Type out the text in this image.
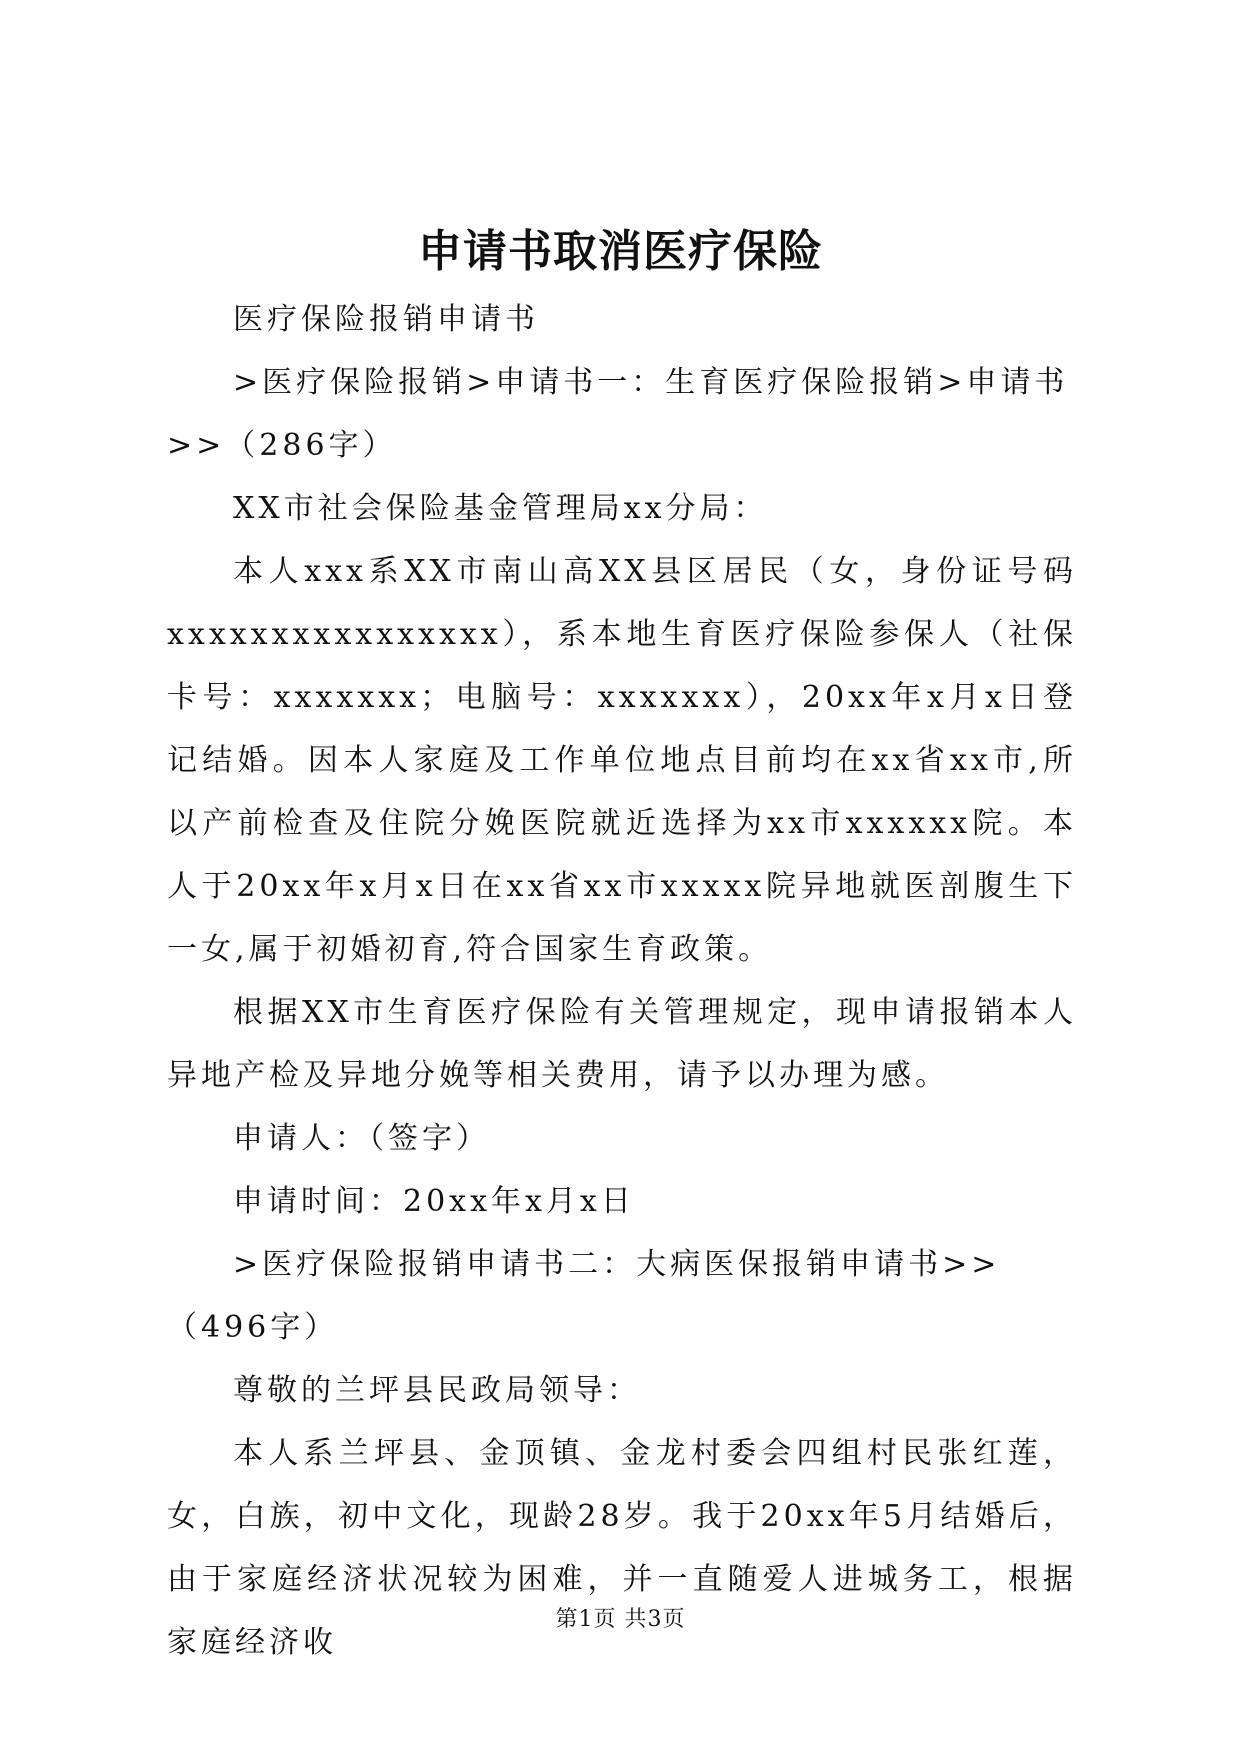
申请书取消医疗保险

医疗保险报销申请书

>医疗保险报销>申请书一：生育医疗保险报销>申请书>>（286字）

XX市社会保险基金管理局xx分局：

本人xxx系XX市南山高XX县区居民（女，身份证号码xxxxxxxxxxxxxxxx），系本地生育医疗保险参保人（社保卡号：xxxxxxx；电脑号：xxxxxxx），20xx年x月x日登记结婚。因本人家庭及工作单位地点目前均在xx省xx市,所以产前检查及住院分娩医院就近选择为xx市xxxxxx院。本人于20xx年x月x日在xx省xx市xxxxx院异地就医剖腹生下一女,属于初婚初育,符合国家生育政策。

根据XX市生育医疗保险有关管理规定，现申请报销本人异地产检及异地分娩等相关费用，请予以办理为感。

申请人：（签字）

申请时间：20xx年x月x日

>医疗保险报销申请书二：大病医保报销申请书>>（496字）

尊敬的兰坪县民政局领导：

本人系兰坪县、金顶镇、金龙村委会四组村民张红莲，女，白族，初中文化，现龄28岁。我于20xx年5月结婚后，由于家庭经济状况较为困难，并一直随爱人进城务工，根据家庭经济收

第1页 共3页
